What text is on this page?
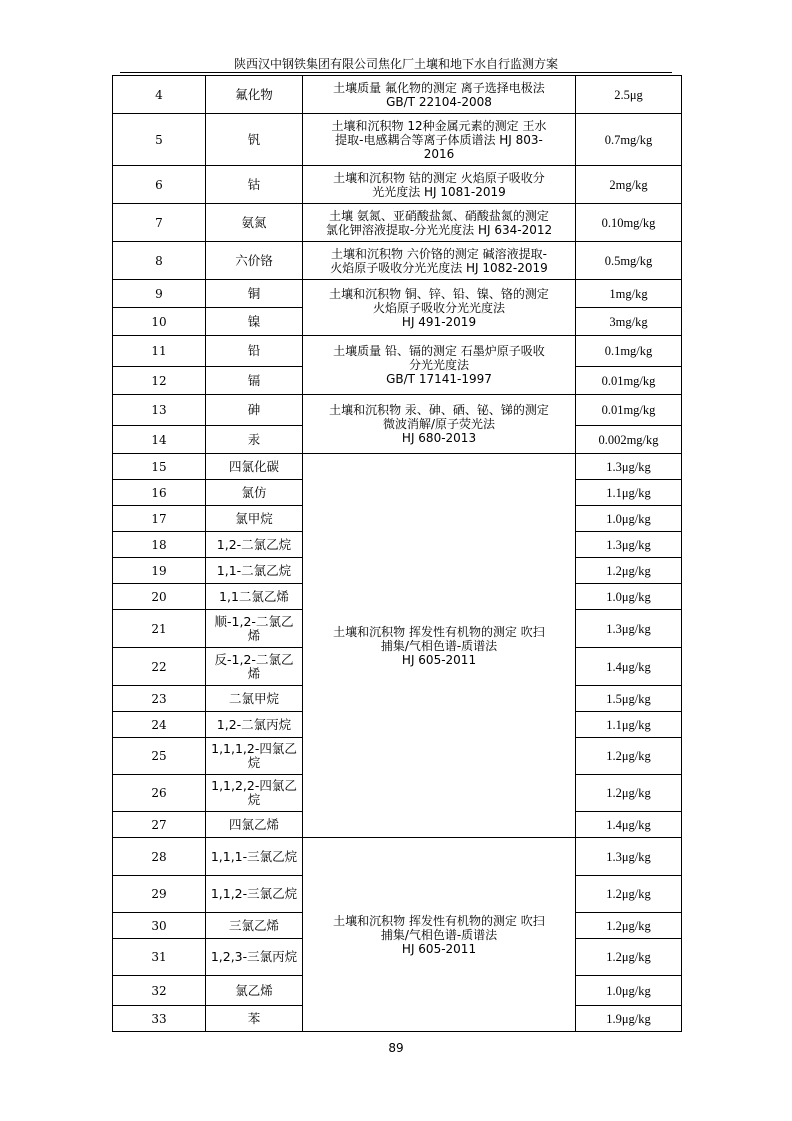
陕西汉中钢铁集团有限公司焦化厂土壤和地下水自行监测方案
4	氟化物	土壤质量 氟化物的测定 离子选择电极法
GB/T 22104-2008	2.5μg
5	钒	土壤和沉积物 12种金属元素的测定 王水
提取-电感耦合等离子体质谱法 HJ 803-
2016	0.7mg/kg
6	钴	土壤和沉积物 钴的测定 火焰原子吸收分
光光度法 HJ 1081-2019	2mg/kg
7	氨氮	土壤 氨氮、亚硝酸盐氮、硝酸盐氮的测定
氯化钾溶液提取-分光光度法 HJ 634-2012	0.10mg/kg
8	六价铬	土壤和沉积物 六价铬的测定 碱溶液提取-
火焰原子吸收分光光度法 HJ 1082-2019	0.5mg/kg
9	铜	土壤和沉积物 铜、锌、铅、镍、铬的测定
火焰原子吸收分光光度法
HJ 491-2019	1mg/kg
10	镍		3mg/kg
11	铅	土壤质量 铅、镉的测定 石墨炉原子吸收
分光光度法
GB/T 17141-1997	0.1mg/kg
12	镉		0.01mg/kg
13	砷	土壤和沉积物 汞、砷、硒、铋、锑的测定
微波消解/原子荧光法
HJ 680-2013	0.01mg/kg
14	汞		0.002mg/kg
15	四氯化碳	土壤和沉积物 挥发性有机物的测定 吹扫
捕集/气相色谱-质谱法
HJ 605-2011	1.3μg/kg
16	氯仿		1.1μg/kg
17	氯甲烷		1.0μg/kg
18	1,2-二氯乙烷		1.3μg/kg
19	1,1-二氯乙烷		1.2μg/kg
20	1,1二氯乙烯		1.0μg/kg
21	顺-1,2-二氯乙烯		1.3μg/kg
22	反-1,2-二氯乙烯		1.4μg/kg
23	二氯甲烷		1.5μg/kg
24	1,2-二氯丙烷		1.1μg/kg
25	1,1,1,2-四氯乙烷		1.2μg/kg
26	1,1,2,2-四氯乙烷		1.2μg/kg
27	四氯乙烯		1.4μg/kg
28	1,1,1-三氯乙烷	土壤和沉积物 挥发性有机物的测定 吹扫
捕集/气相色谱-质谱法
HJ 605-2011	1.3μg/kg
29	1,1,2-三氯乙烷		1.2μg/kg
30	三氯乙烯		1.2μg/kg
31	1,2,3-三氯丙烷		1.2μg/kg
32	氯乙烯		1.0μg/kg
33	苯		1.9μg/kg
89
